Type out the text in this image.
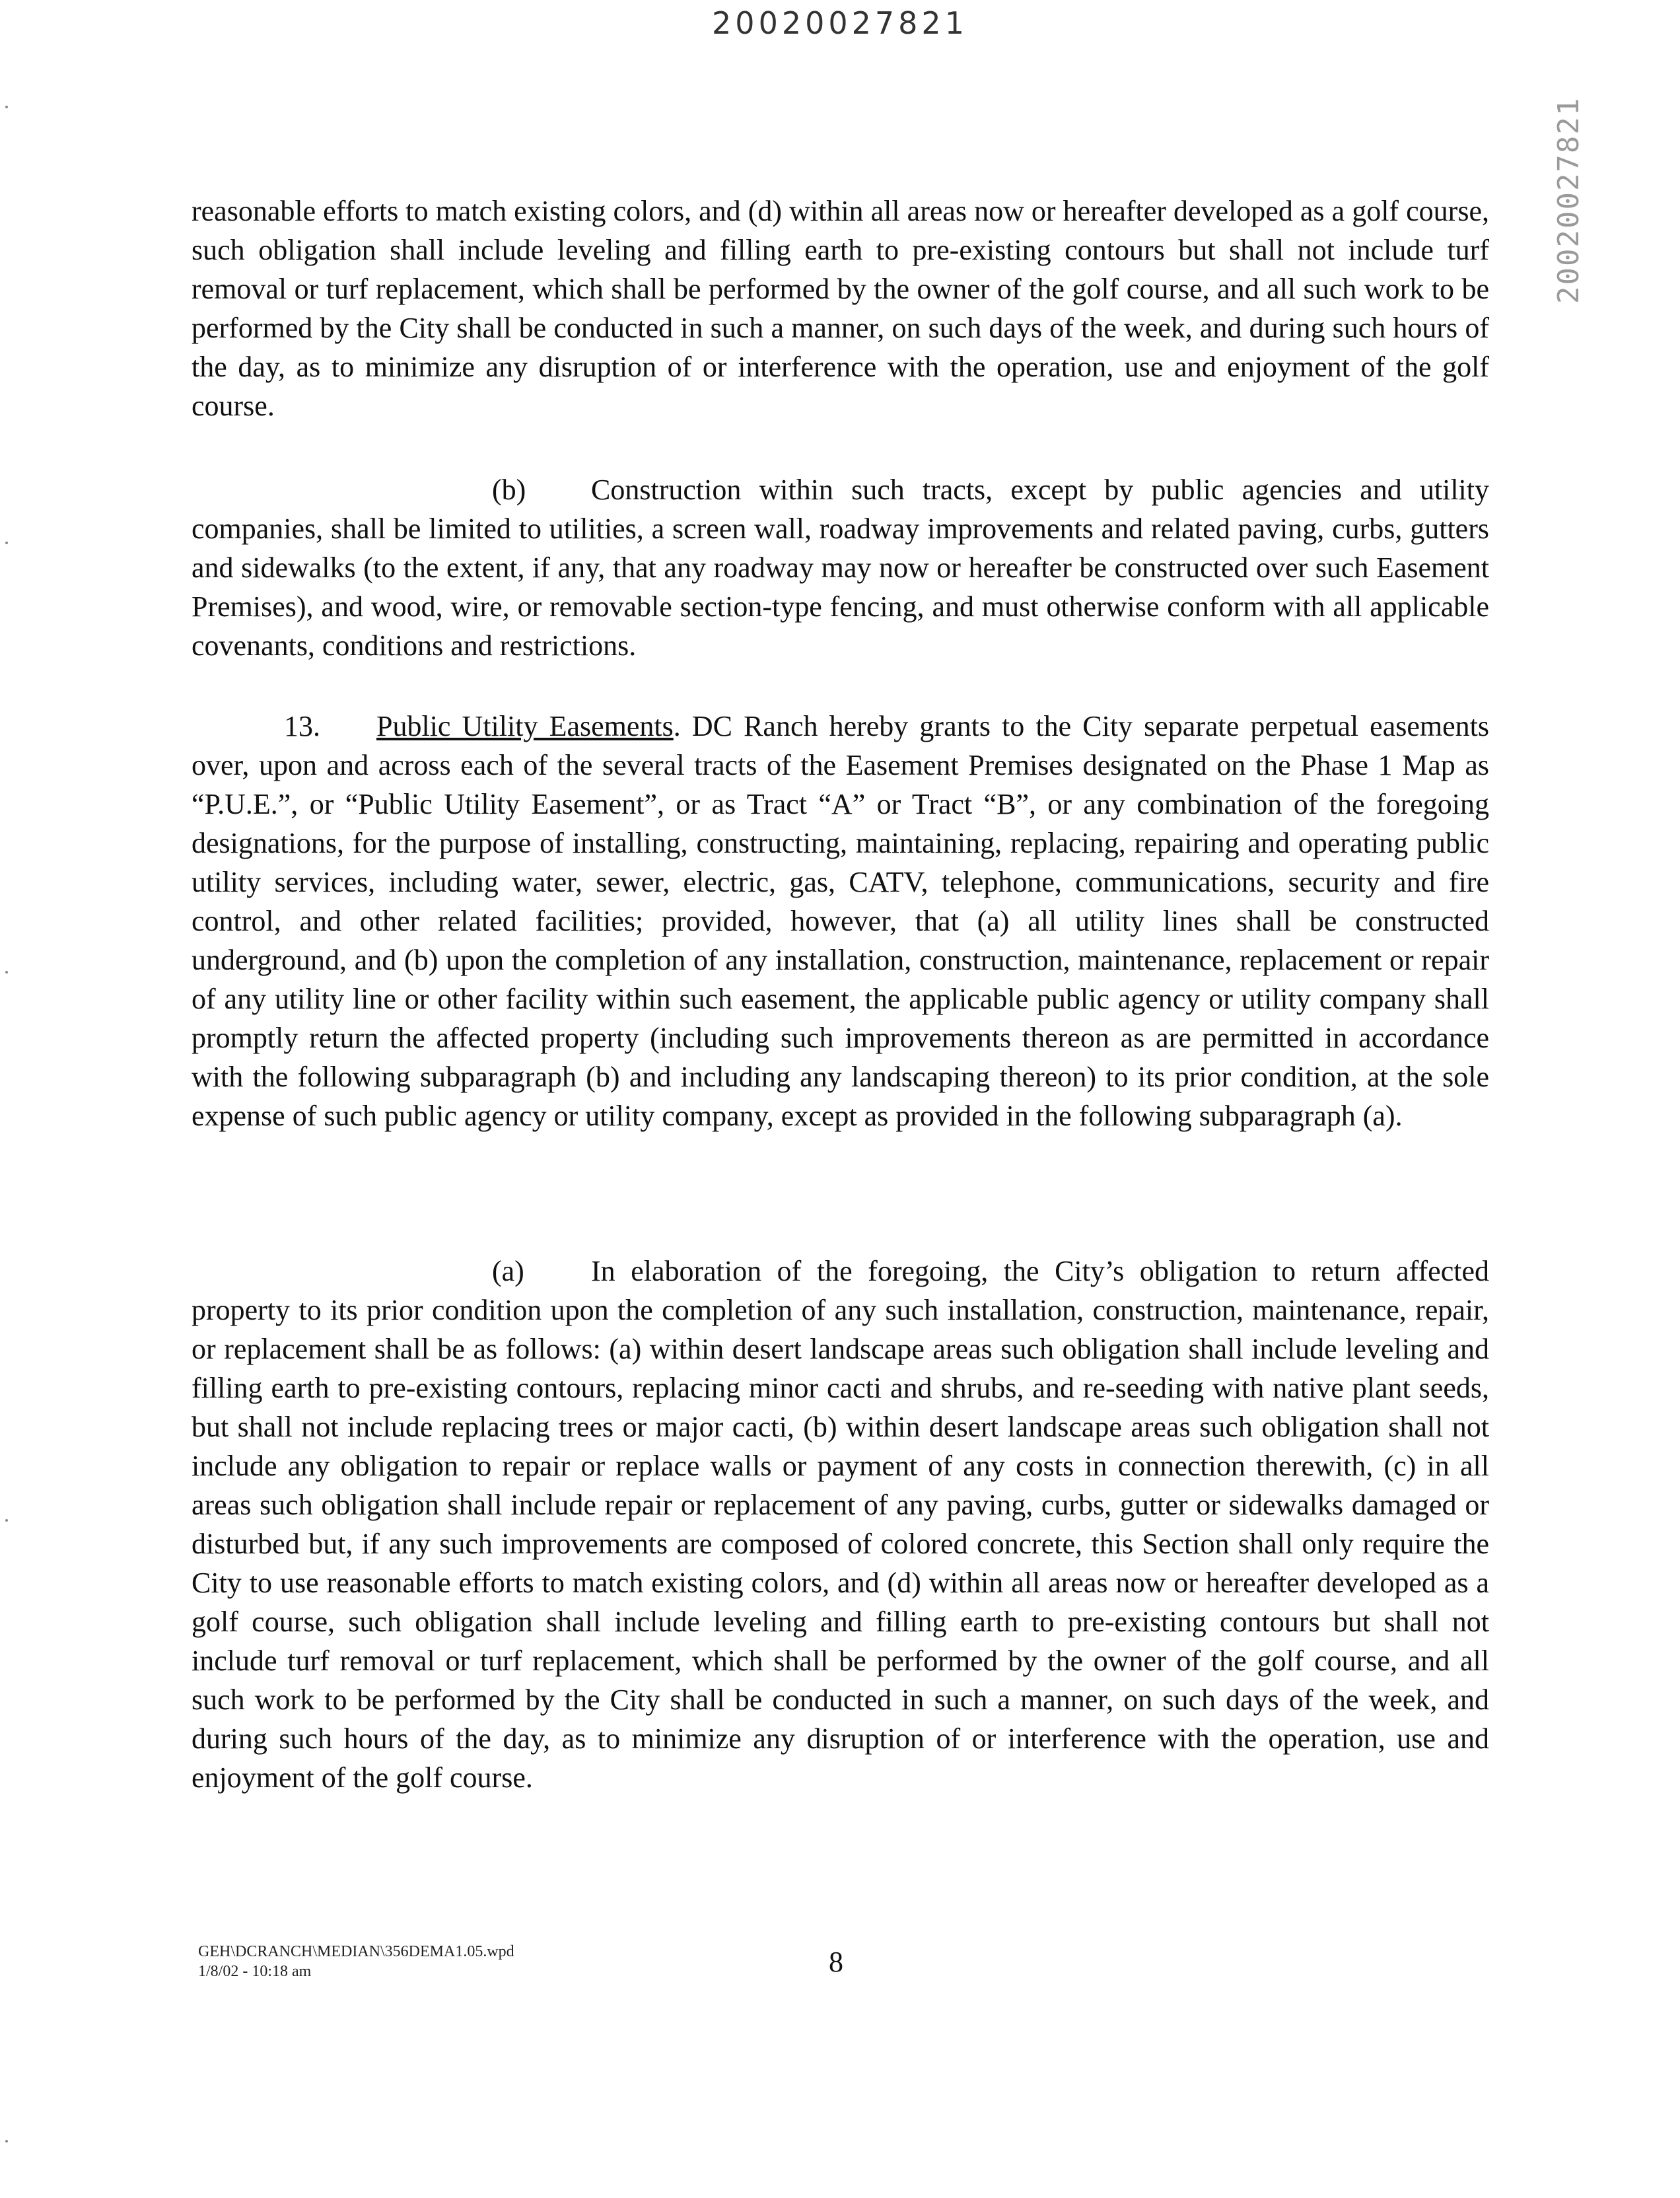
20020027821
20020027821

reasonable efforts to match existing colors, and (d) within all areas now or hereafter developed as a golf course, such obligation shall include leveling and filling earth to pre-existing contours but shall not include turf removal or turf replacement, which shall be performed by the owner of the golf course, and all such work to be performed by the City shall be conducted in such a manner, on such days of the week, and during such hours of the day, as to minimize any disruption of or interference with the operation, use and enjoyment of the golf course.

(b) Construction within such tracts, except by public agencies and utility companies, shall be limited to utilities, a screen wall, roadway improvements and related paving, curbs, gutters and sidewalks (to the extent, if any, that any roadway may now or hereafter be constructed over such Easement Premises), and wood, wire, or removable section-type fencing, and must otherwise conform with all applicable covenants, conditions and restrictions.

13. Public Utility Easements. DC Ranch hereby grants to the City separate perpetual easements over, upon and across each of the several tracts of the Easement Premises designated on the Phase 1 Map as “P.U.E.”, or “Public Utility Easement”, or as Tract “A” or Tract “B”, or any combination of the foregoing designations, for the purpose of installing, constructing, maintaining, replacing, repairing and operating public utility services, including water, sewer, electric, gas, CATV, telephone, communications, security and fire control, and other related facilities; provided, however, that (a) all utility lines shall be constructed underground, and (b) upon the completion of any installation, construction, maintenance, replacement or repair of any utility line or other facility within such easement, the applicable public agency or utility company shall promptly return the affected property (including such improvements thereon as are permitted in accordance with the following subparagraph (b) and including any landscaping thereon) to its prior condition, at the sole expense of such public agency or utility company, except as provided in the following subparagraph (a).

(a) In elaboration of the foregoing, the City’s obligation to return affected property to its prior condition upon the completion of any such installation, construction, maintenance, repair, or replacement shall be as follows: (a) within desert landscape areas such obligation shall include leveling and filling earth to pre-existing contours, replacing minor cacti and shrubs, and re-seeding with native plant seeds, but shall not include replacing trees or major cacti, (b) within desert landscape areas such obligation shall not include any obligation to repair or replace walls or payment of any costs in connection therewith, (c) in all areas such obligation shall include repair or replacement of any paving, curbs, gutter or sidewalks damaged or disturbed but, if any such improvements are composed of colored concrete, this Section shall only require the City to use reasonable efforts to match existing colors, and (d) within all areas now or hereafter developed as a golf course, such obligation shall include leveling and filling earth to pre-existing contours but shall not include turf removal or turf replacement, which shall be performed by the owner of the golf course, and all such work to be performed by the City shall be conducted in such a manner, on such days of the week, and during such hours of the day, as to minimize any disruption of or interference with the operation, use and enjoyment of the golf course.

GEH\DCRANCH\MEDIAN\356DEMA1.05.wpd
1/8/02 - 10:18 am	8
